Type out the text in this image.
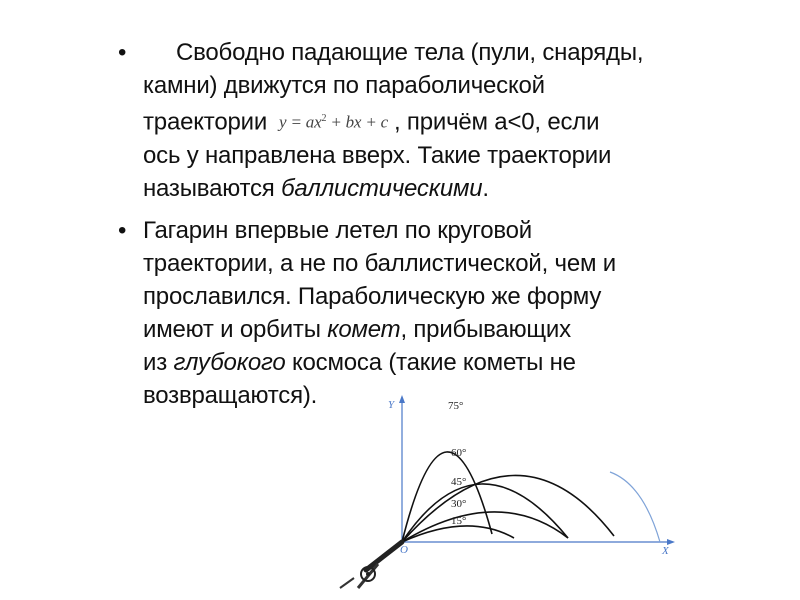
•	Свободно падающие тела (пули, снаряды,
камни) движутся по параболической
траектории $y = ax^2$ + bx + c , причём a<0, если
ось y направлена вверх. Такие траектории
называются баллистическими.
• Гагарин впервые летел по круговой
траектории, а не по баллистической, чем и
прославился. Параболическую же форму
имеют и орбиты комет, прибывающих
из глубокого космоса (такие кометы не
возвращаются).	Y
X
O
75°
60°
45°
30°
15°
